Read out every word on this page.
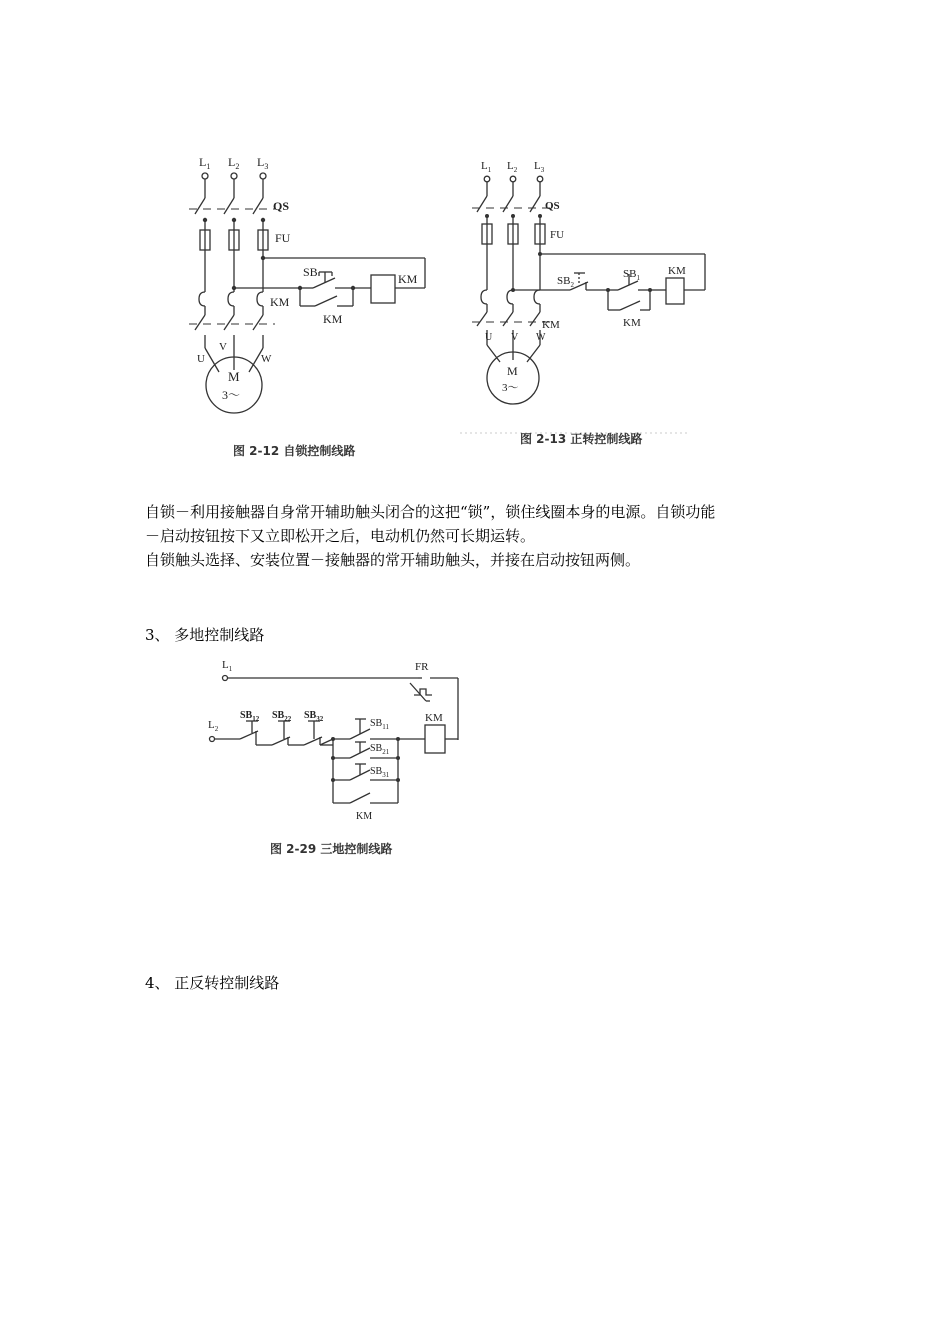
$L_1$ $L_2$ $L_3$
QS
FU
SB
KM
KM
KM
U
V
W
M
3～
图 2-12 自锁控制线路
$L_1$ $L_2$ $L_3$
QS
FU
$SB_2$
$SB_1$
KM
KM
KM
U V W
M
3～
图 2-13 正转控制线路
自锁－利用接触器自身常开辅助触头闭合的这把“锁”，锁住线圈本身的电源。自锁功能
－启动按钮按下又立即松开之后，电动机仍然可长期运转。
自锁触头选择、安装位置－接触器的常开辅助触头，并接在启动按钮两侧。
3、 多地控制线路
$L_1$	FR
$L_2$
$SB_{12}$ $SB_{22}$ $SB_{32}$	$SB_{11}$
$SB_{21}$
$SB_{31}$
KM
KM
图 2-29 三地控制线路
4、 正反转控制线路
